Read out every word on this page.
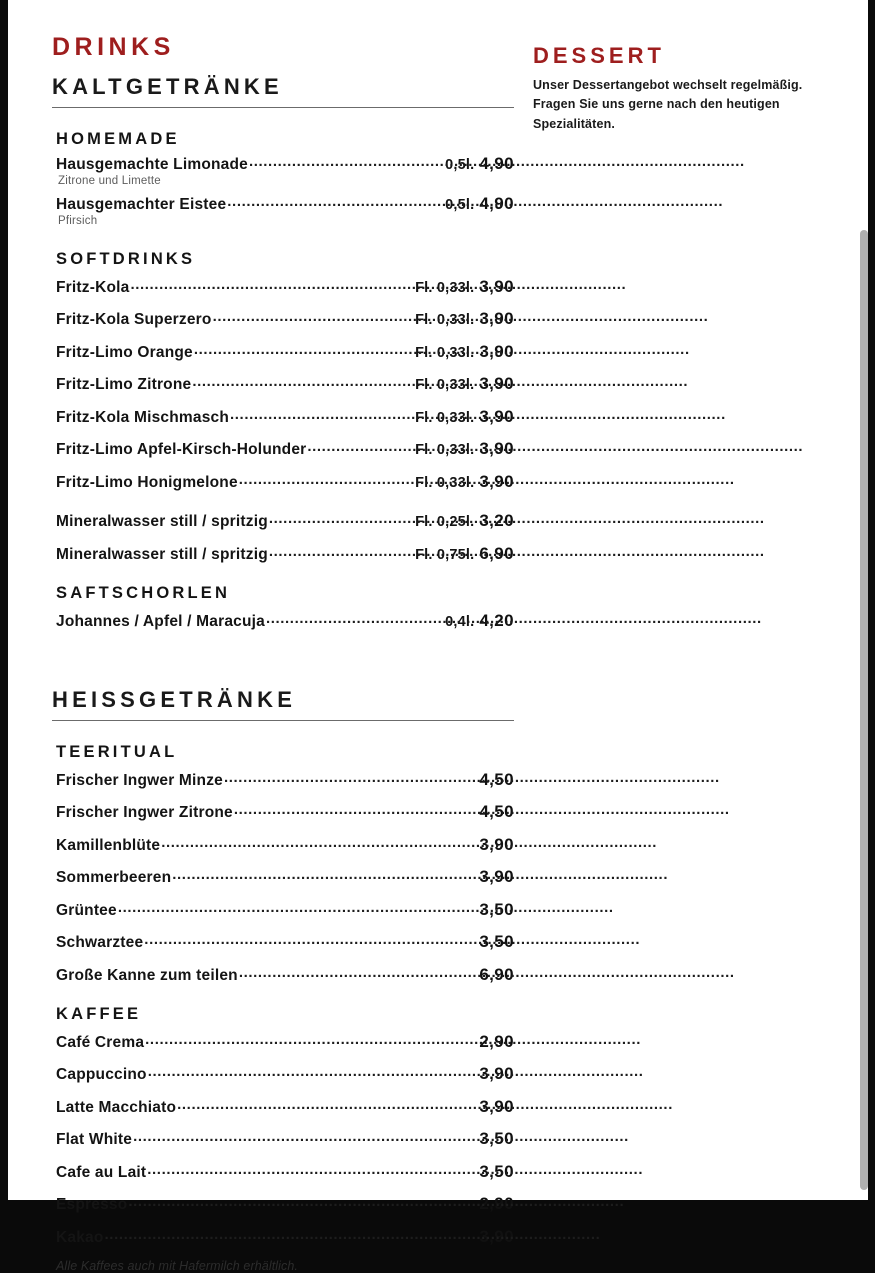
DRINKS
KALTGETRÄNKE
HOMEMADE
Hausgemachte Limonade .....	0,5l. 4,90
Zitrone und Limette
Hausgemachter Eistee .....	0,5l. 4,90
Pfirsich
SOFTDRINKS
Fritz-Kola .....	Fl. 0,33l. 3,90
Fritz-Kola Superzero .....	Fl. 0,33l. 3,90
Fritz-Limo Orange .....	Fl. 0,33l. 3,90
Fritz-Limo Zitrone .....	Fl. 0,33l. 3,90
Fritz-Kola Mischmasch .....	Fl. 0,33l. 3,90
Fritz-Limo Apfel-Kirsch-Holunder .....	Fl. 0,33l. 3,90
Fritz-Limo Honigmelone .....	Fl. 0,33l. 3,90
Mineralwasser still / spritzig .....	Fl. 0,25l. 3,20
Mineralwasser still / spritzig .....	Fl. 0,75l. 6,90
SAFTSCHORLEN
Johannes / Apfel / Maracuja .....	0,4l. 4,20
HEISSGETRÄNKE
TEERITUAL
Frischer Ingwer Minze .....	4,50
Frischer Ingwer Zitrone .....	4,50
Kamillenblüte .....	3,90
Sommerbeeren .....	3,90
Grüntee .....	3,50
Schwarztee .....	3,50
Große Kanne zum teilen .....	6,90
KAFFEE
Café Crema .....	2,90
Cappuccino .....	3,90
Latte Macchiato .....	3,90
Flat White .....	3,50
Cafe au Lait .....	3,50
Espresso .....	2,90
Kakao .....	3,90
Alle Kaffees auch mit Hafermilch erhältlich.
DESSERT
Unser Dessertangebot wechselt regelmäßig. Fragen Sie uns gerne nach den heutigen Spezialitäten.
